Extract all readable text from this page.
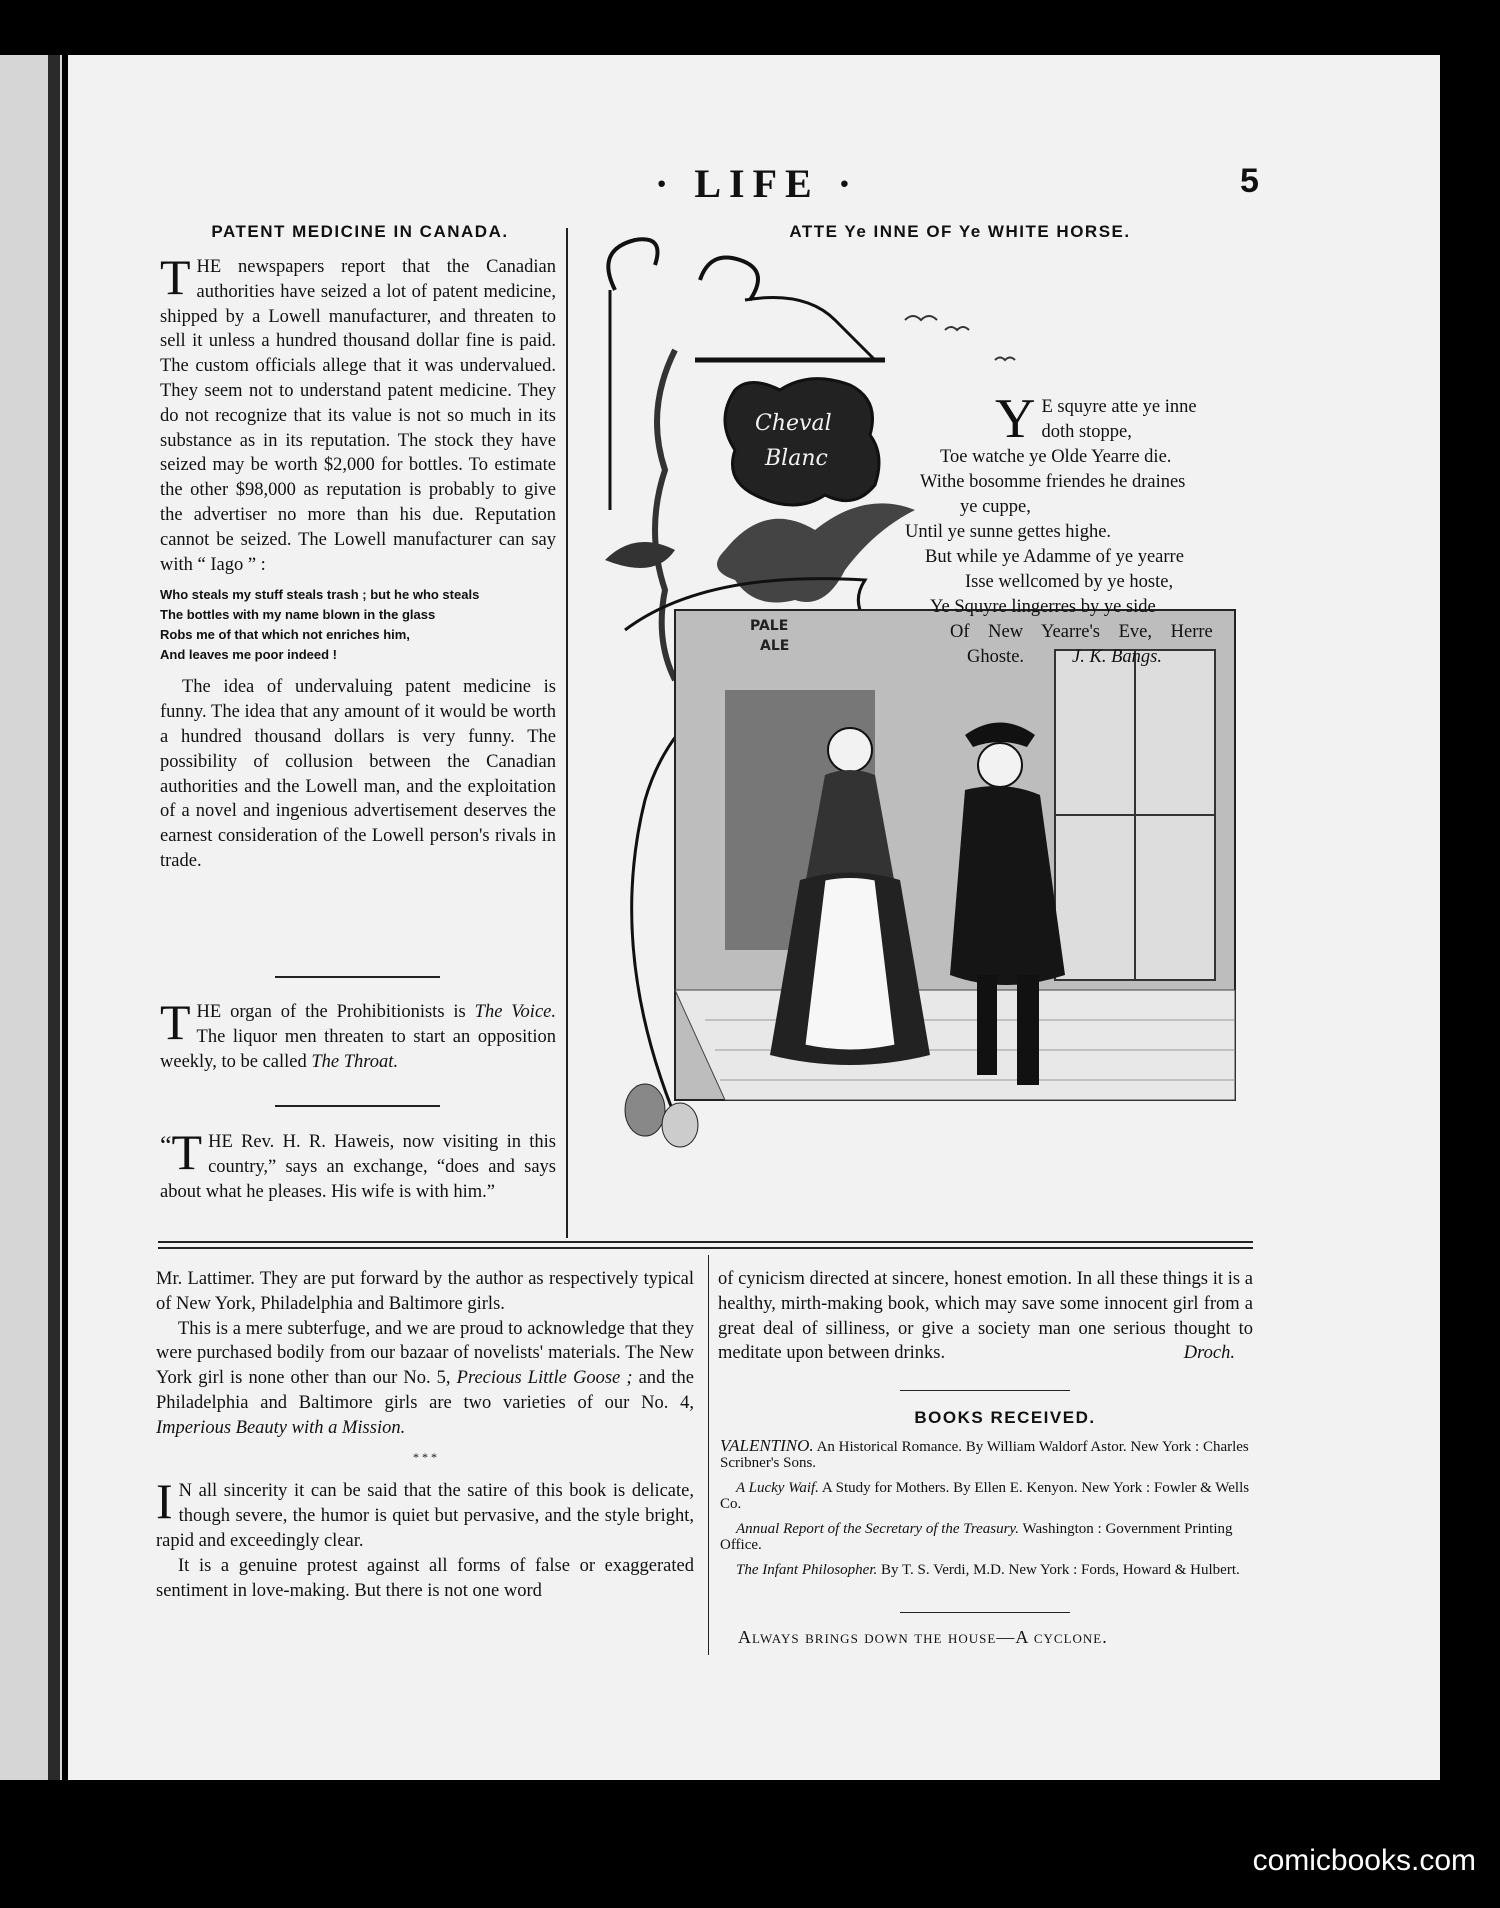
· LIFE ·	5
PATENT MEDICINE IN CANADA.
THE newspapers report that the Canadian authorities have seized a lot of patent medicine, shipped by a Lowell manufacturer, and threaten to sell it unless a hundred thousand dollar fine is paid. The custom officials allege that it was undervalued. They seem not to understand patent medicine. They do not recognize that its value is not so much in its substance as in its reputation. The stock they have seized may be worth $2,000 for bottles. To estimate the other $98,000 as reputation is probably to give the advertiser no more than his due. Reputation cannot be seized. The Lowell manufacturer can say with “ Iago ” :
Who steals my stuff steals trash ; but he who steals
The bottles with my name blown in the glass
Robs me of that which not enriches him,
And leaves me poor indeed !
The idea of undervaluing patent medicine is funny. The idea that any amount of it would be worth a hundred thousand dollars is very funny. The possibility of collusion between the Canadian authorities and the Lowell man, and the exploitation of a novel and ingenious advertisement deserves the earnest consideration of the Lowell person's rivals in trade.
THE organ of the Prohibitionists is The Voice. The liquor men threaten to start an opposition weekly, to be called The Throat.
“ T HE Rev. H. R. Haweis, now visiting in this country,” says an exchange, “does and says about what he pleases. His wife is with him.”
ATTE Ye INNE OF Ye WHITE HORSE.
Cheval
Blanc
PALE
ALE
Y E squyre atte ye inne
doth stoppe,
Toe watche ye Olde Yearre die.
Withe bosomme friendes he draines
ye cuppe,
Until ye sunne gettes highe.
But while ye Adamme of ye yearre
Isse wellcomed by ye hoste,
Ye Squyre lingerres by ye side
Of New Yearre's Eve, Herre
Ghoste.	J. K. Bangs.
Mr. Lattimer. They are put forward by the author as respectively typical of New York, Philadelphia and Baltimore girls.
This is a mere subterfuge, and we are proud to acknowledge that they were purchased bodily from our bazaar of novelists' materials. The New York girl is none other than our No. 5, Precious Little Goose ; and the Philadelphia and Baltimore girls are two varieties of our No. 4, Imperious Beauty with a Mission.
* * *
I N all sincerity it can be said that the satire of this book is delicate, though severe, the humor is quiet but pervasive, and the style bright, rapid and exceedingly clear.
It is a genuine protest against all forms of false or exaggerated sentiment in love-making. But there is not one word
of cynicism directed at sincere, honest emotion. In all these things it is a healthy, mirth-making book, which may save some innocent girl from a great deal of silliness, or give a society man one serious thought to meditate upon between drinks.	Droch.
BOOKS RECEIVED.
VALENTINO. An Historical Romance. By William Waldorf Astor. New York : Charles Scribner's Sons.
A Lucky Waif. A Study for Mothers. By Ellen E. Kenyon. New York : Fowler & Wells Co.
Annual Report of the Secretary of the Treasury. Washington : Government Printing Office.
The Infant Philosopher. By T. S. Verdi, M.D. New York : Fords, Howard & Hulbert.
Always brings down the house—A cyclone.
comicbooks.com
